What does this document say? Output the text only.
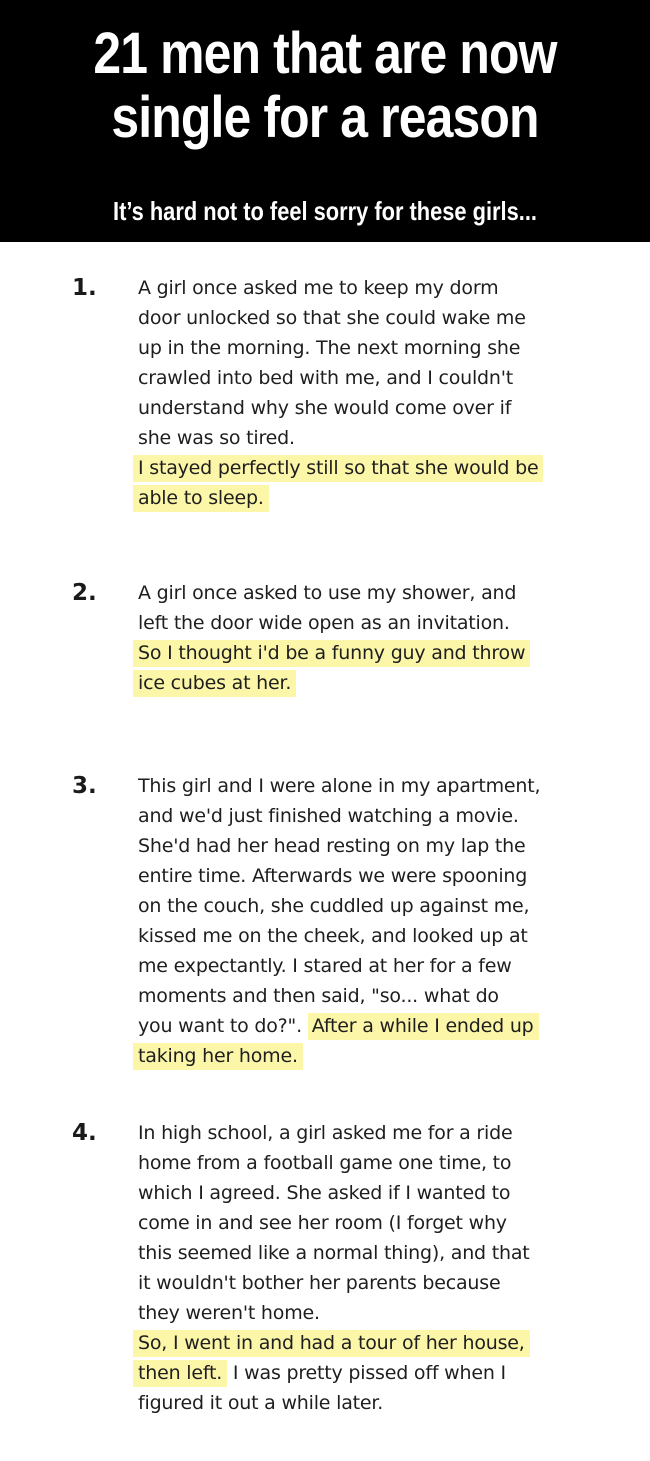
21 men that are now
single for a reason
It’s hard not to feel sorry for these girls...
1. A girl once asked me to keep my dorm
door unlocked so that she could wake me
up in the morning. The next morning she
crawled into bed with me, and I couldn't
understand why she would come over if
she was so tired.
I stayed perfectly still so that she would be
able to sleep.
2. A girl once asked to use my shower, and
left the door wide open as an invitation.
So I thought i'd be a funny guy and throw
ice cubes at her.
3. This girl and I were alone in my apartment,
and we'd just finished watching a movie.
She'd had her head resting on my lap the
entire time. Afterwards we were spooning
on the couch, she cuddled up against me,
kissed me on the cheek, and looked up at
me expectantly. I stared at her for a few
moments and then said, "so... what do
you want to do?". After a while I ended up
taking her home.
4. In high school, a girl asked me for a ride
home from a football game one time, to
which I agreed. She asked if I wanted to
come in and see her room (I forget why
this seemed like a normal thing), and that
it wouldn't bother her parents because
they weren't home.
So, I went in and had a tour of her house,
then left. I was pretty pissed off when I
figured it out a while later.
